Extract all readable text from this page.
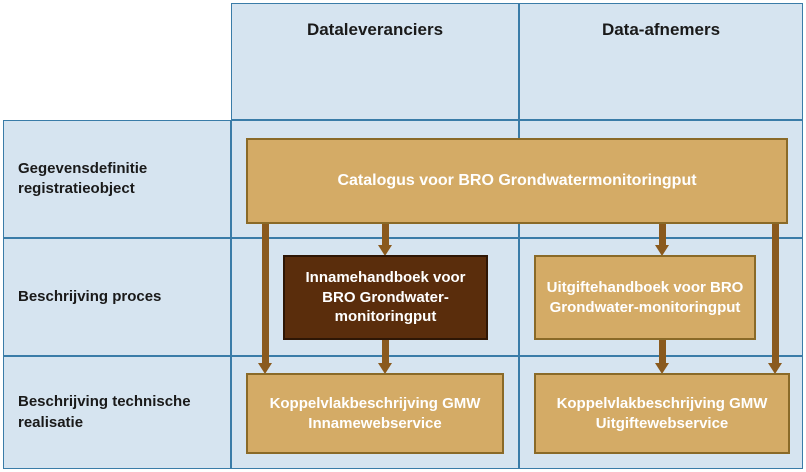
Dataleveranciers	Data-afnemers
Gegevensdefinitie registratieobject
Beschrijving proces
Beschrijving technische realisatie
Catalogus voor BRO Grondwatermonitoringput
Innamehandboek voor BRO Grondwater-monitoringput
Uitgiftehandboek voor BRO Grondwater-monitoringput
Koppelvlakbeschrijving GMW Innamewebservice
Koppelvlakbeschrijving GMW Uitgiftewebservice
